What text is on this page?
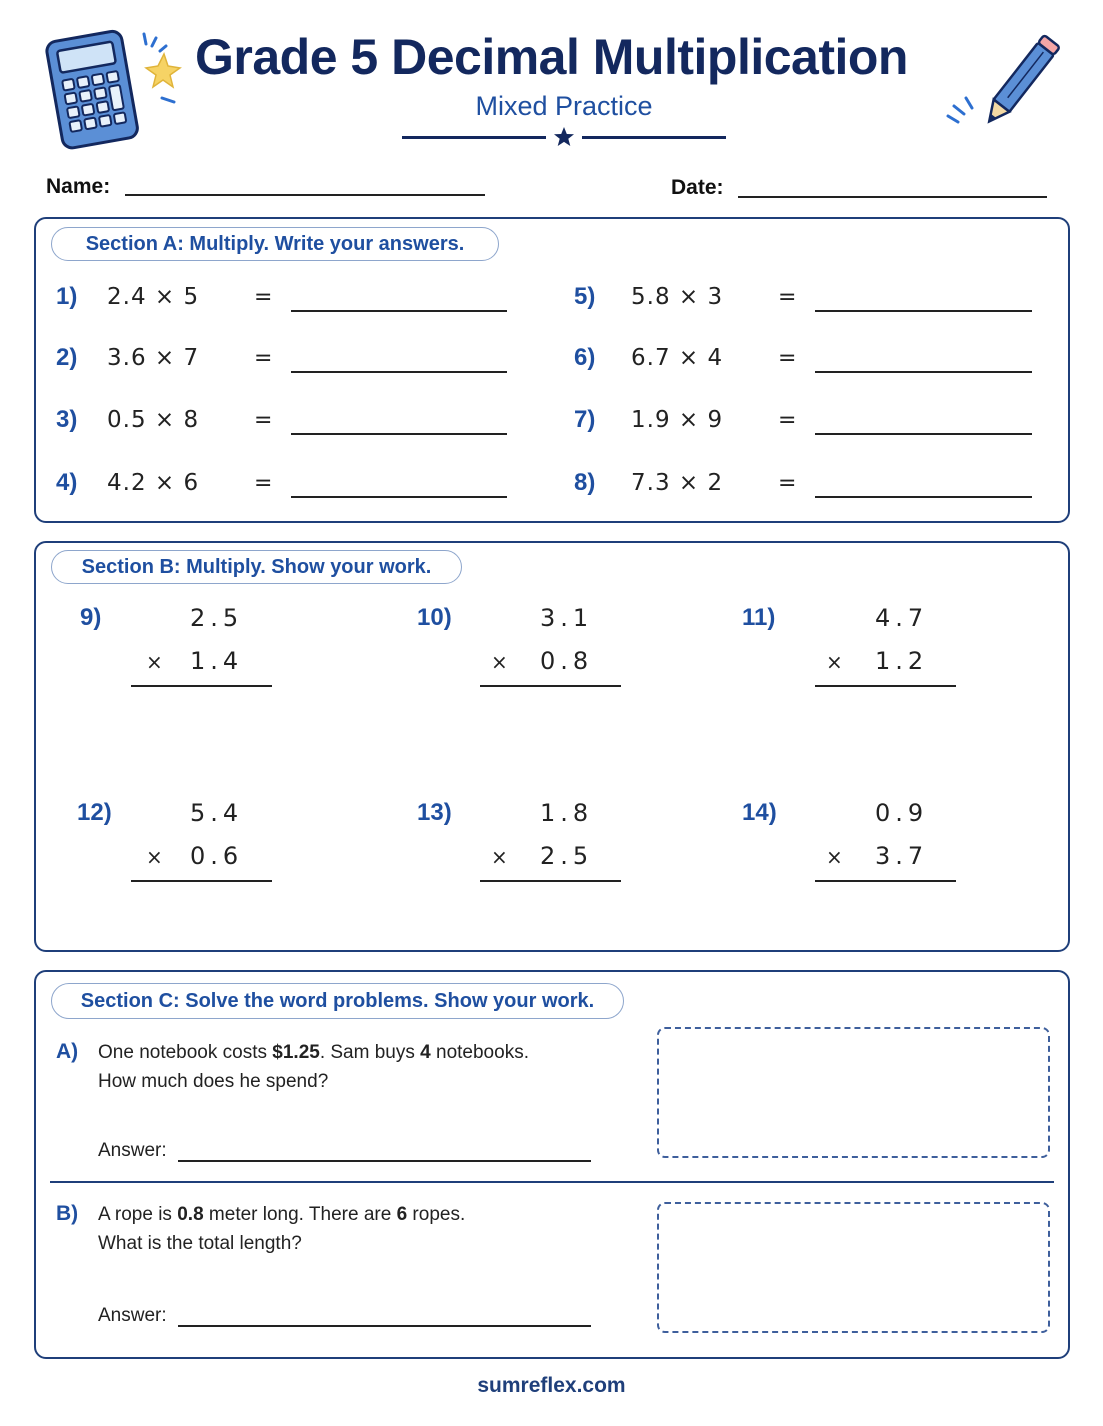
Grade 5 Decimal Multiplication
Mixed Practice
Name:	Date:
Section A: Multiply. Write your answers.
1) 2.4 × 5 =
2) 3.6 × 7 =
3) 0.5 × 8 =
4) 4.2 × 6 =
5) 5.8 × 3 =
6) 6.7 × 4 =
7) 1.9 × 9 =
8) 7.3 × 2 =
Section B: Multiply. Show your work.
9)	2.5
× 1.4
10)	3.1
× 0.8
11)	4.7
× 1.2
12)	5.4
× 0.6
13)	1.8
× 2.5
14)	0.9
× 3.7
Section C: Solve the word problems. Show your work.
A) One notebook costs $1.25. Sam buys 4 notebooks.
How much does he spend?
Answer:
B) A rope is 0.8 meter long. There are 6 ropes.
What is the total length?
Answer:
sumreflex.com
